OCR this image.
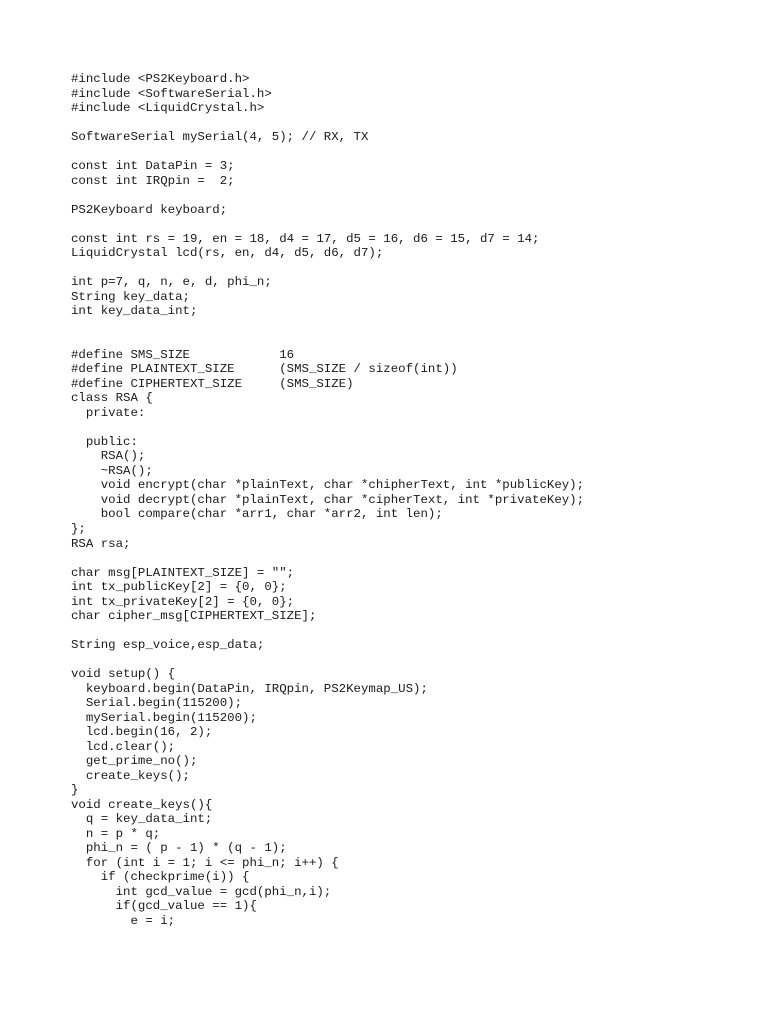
#include <PS2Keyboard.h>
#include <SoftwareSerial.h>
#include <LiquidCrystal.h>
SoftwareSerial mySerial(4, 5); // RX, TX
const int DataPin = 3;
const int IRQpin =  2;
PS2Keyboard keyboard;
const int rs = 19, en = 18, d4 = 17, d5 = 16, d6 = 15, d7 = 14;
LiquidCrystal lcd(rs, en, d4, d5, d6, d7);
int p=7, q, n, e, d, phi_n;
String key_data;
int key_data_int;
#define SMS_SIZE            16
#define PLAINTEXT_SIZE      (SMS_SIZE / sizeof(int))
#define CIPHERTEXT_SIZE     (SMS_SIZE)
class RSA {
private:
public:
RSA();
~RSA();
void encrypt(char *plainText, char *chipherText, int *publicKey);
void decrypt(char *plainText, char *cipherText, int *privateKey);
bool compare(char *arr1, char *arr2, int len);
};
RSA rsa;
char msg[PLAINTEXT_SIZE] = "";
int tx_publicKey[2] = {0, 0};
int tx_privateKey[2] = {0, 0};
char cipher_msg[CIPHERTEXT_SIZE];
String esp_voice,esp_data;
void setup() {
keyboard.begin(DataPin, IRQpin, PS2Keymap_US);
Serial.begin(115200);
mySerial.begin(115200);
lcd.begin(16, 2);
lcd.clear();
get_prime_no();
create_keys();
}
void create_keys(){
q = key_data_int;
n = p * q;
phi_n = ( p - 1) * (q - 1);
for (int i = 1; i <= phi_n; i++) {
if (checkprime(i)) {
int gcd_value = gcd(phi_n,i);
if(gcd_value == 1){
e = i;
